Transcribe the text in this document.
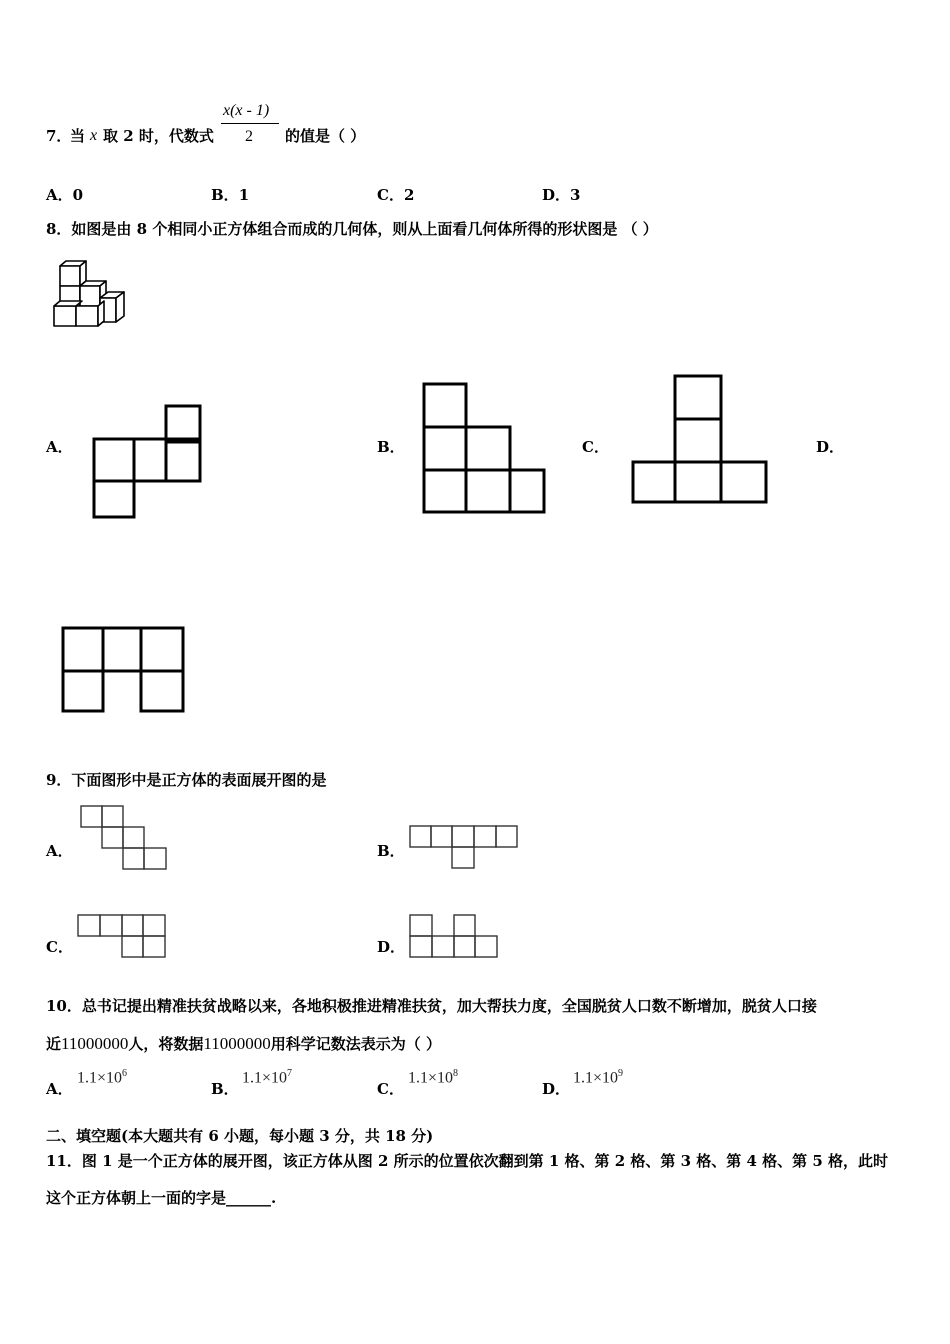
7．
当 x 取 2 时，代数式
x(x - 1)
2 的值是（ ）
A．0	B．1	C．2	D．3
8．如图是由 8 个相同小正方体组合而成的几何体，则从上面看几何体所得的形状图是 （ ）
A．	B．	C．	D．
9．下面图形中是正方体的表面展开图的是
A．	B．
C．	D．
10．总书记提出精准扶贫战略以来，各地积极推进精准扶贫，加大帮扶力度，全国脱贫人口数不断增加，脱贫人口接
近11000000人，将数据11000000用科学记数法表示为（ ）
A．
$1.1\times 10^6$
B．
$1.1\times 10^7$
C．
$1.1\times 10^8$
D．
$1.1\times 10^9$
二、填空题(本大题共有 6 小题，每小题 3 分，共 18 分)
11．图 1 是一个正方体的展开图，该正方体从图 2 所示的位置依次翻到第 1 格、第 2 格、第 3 格、第 4 格、第 5 格，此时
这个正方体朝上一面的字是______.
